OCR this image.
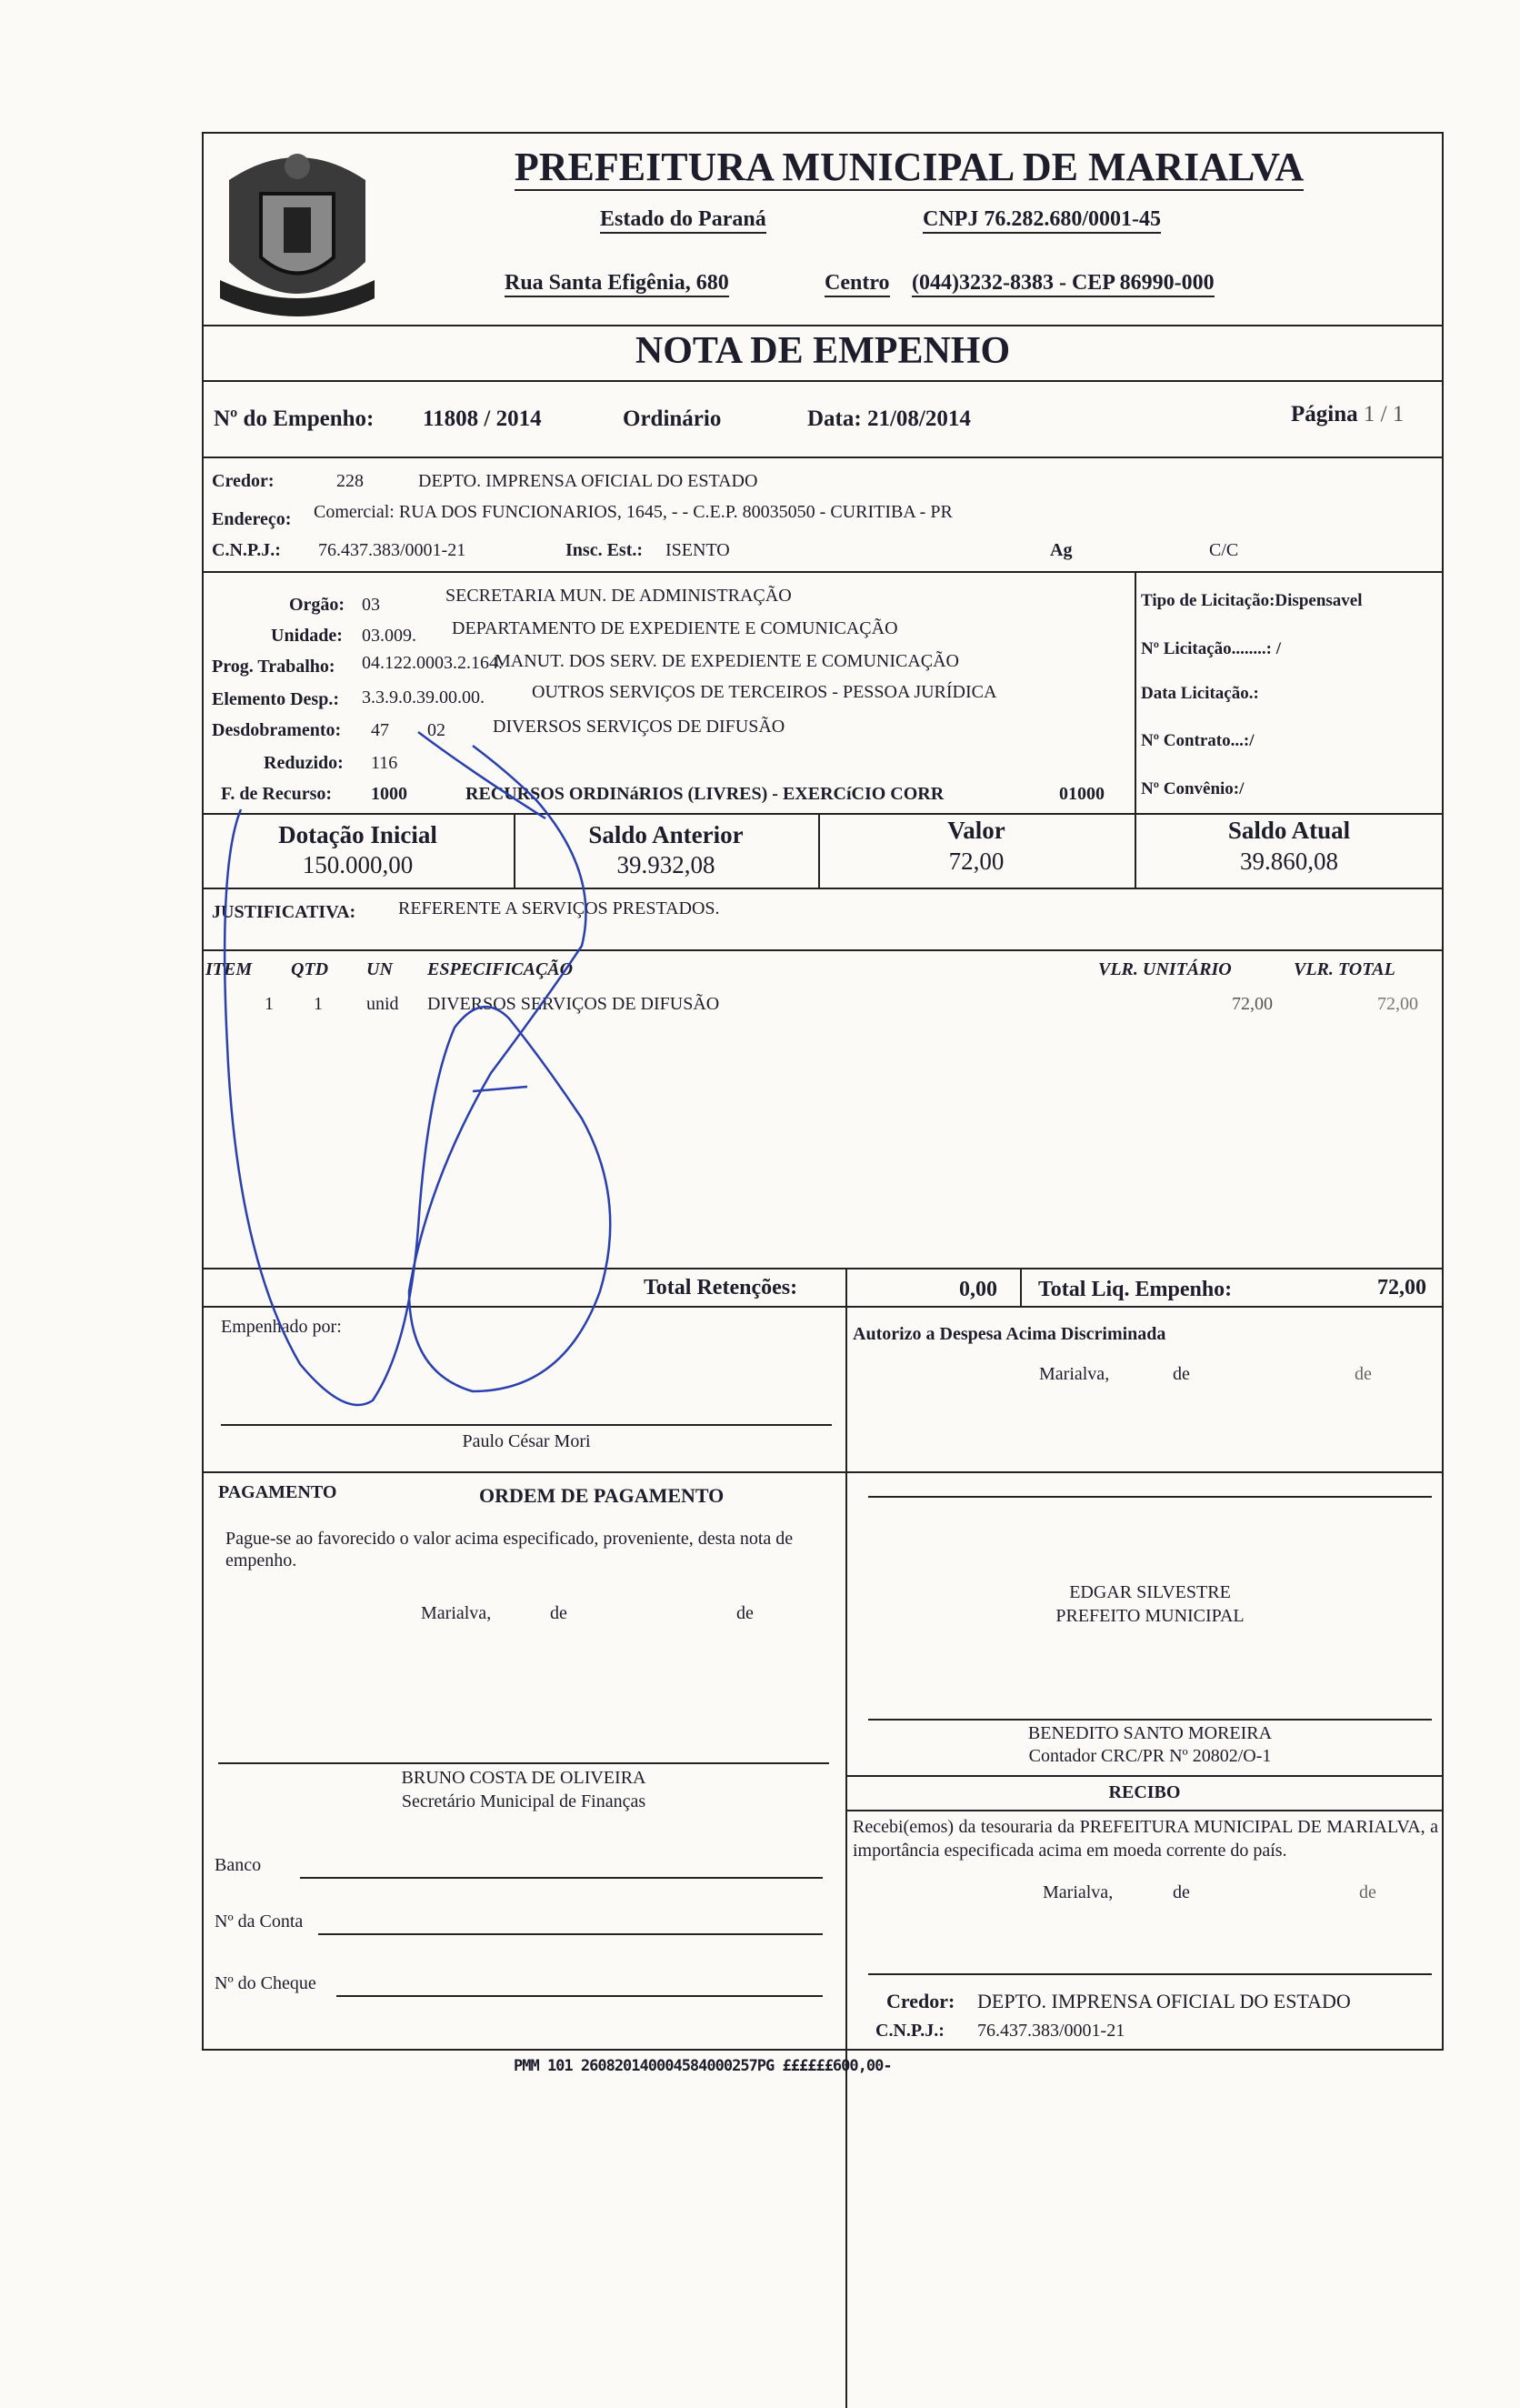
PREFEITURA MUNICIPAL DE MARIALVA
Estado do Paraná	CNPJ 76.282.680/0001-45
Rua Santa Efigênia, 680	Centro (044)3232-8383 - CEP 86990-000
NOTA DE EMPENHO
Nº do Empenho: 11808 / 2014	Ordinário	Data: 21/08/2014	Página 1 / 1
Credor:	228	DEPTO. IMPRENSA OFICIAL DO ESTADO
Endereço: Comercial: RUA DOS FUNCIONARIOS, 1645, - - C.E.P. 80035050 - CURITIBA - PR
C.N.P.J.: 76.437.383/0001-21	Insc. Est.: ISENTO	Ag	C/C
Orgão: 03	SECRETARIA MUN. DE ADMINISTRAÇÃO
Unidade: 03.009. DEPARTAMENTO DE EXPEDIENTE E COMUNICAÇÃO
Prog. Trabalho: 04.122.0003.2.164.
MANUT. DOS SERV. DE EXPEDIENTE E COMUNICAÇÃO
Elemento Desp.: 3.3.9.0.39.00.00.	OUTROS SERVIÇOS DE TERCEIROS - PESSOA JURÍDICA
Desdobramento: 47 02	DIVERSOS SERVIÇOS DE DIFUSÃO
Reduzido: 116
F. de Recurso: 1000	RECURSOS ORDINáRIOS (LIVRES) - EXERCíCIO CORR	01000
Tipo de Licitação:Dispensavel
Nº Licitação........: /
Data Licitação.:
Nº Contrato...:/
Nº Convênio:/
Dotação Inicial
150.000,00
Saldo Anterior
39.932,08
Valor
72,00
Saldo Atual
39.860,08
JUSTIFICATIVA: REFERENTE A SERVIÇOS PRESTADOS.
ITEM QTD UN ESPECIFICAÇÃO	VLR. UNITÁRIO	VLR. TOTAL
1 1 unid DIVERSOS SERVIÇOS DE DIFUSÃO	72,00	72,00
Total Retenções:	0,00 Total Liq. Empenho:	72,00
Empenhado por:
Paulo César Mori
Autorizo a Despesa Acima Discriminada
Marialva,	de	de
PAGAMENTO	ORDEM DE PAGAMENTO
Pague-se ao favorecido o valor acima especificado, proveniente, desta nota de empenho.
Marialva,	de	de
EDGAR SILVESTRE
PREFEITO MUNICIPAL
BENEDITO SANTO MOREIRA
Contador CRC/PR Nº 20802/O-1
BRUNO COSTA DE OLIVEIRA
Secretário Municipal de Finanças	RECIBO
Recebi(emos) da tesouraria da PREFEITURA MUNICIPAL DE MARIALVA, a importância especificada acima em moeda corrente do país.
Marialva,	de	de
Credor: DEPTO. IMPRENSA OFICIAL DO ESTADO
C.N.P.J.: 76.437.383/0001-21
Banco
Nº da Conta
Nº do Cheque
PMM 101 260820140004584000257PG ££££££600,00-
